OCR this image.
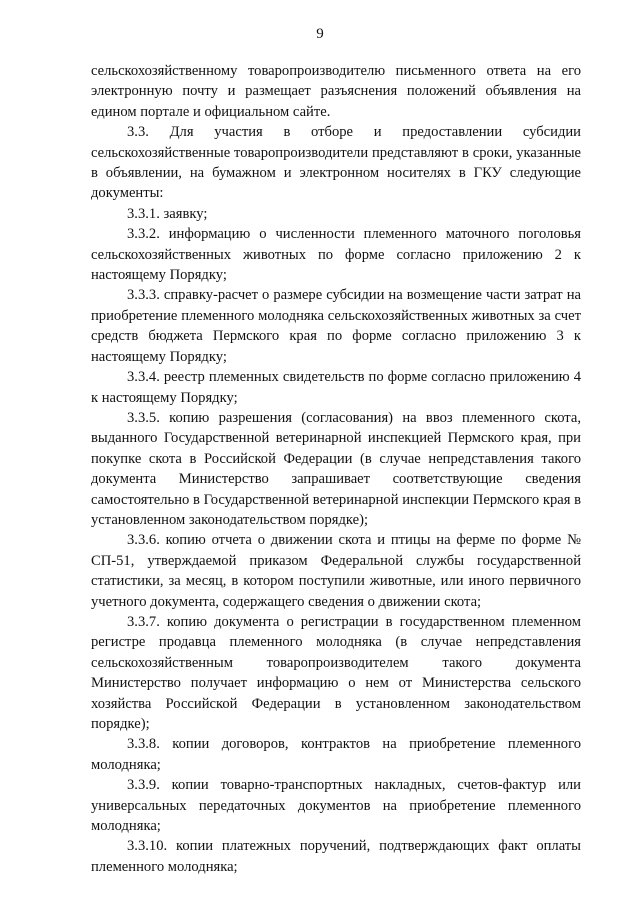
9

сельскохозяйственному товаропроизводителю письменного ответа на его электронную почту и размещает разъяснения положений объявления на едином портале и официальном сайте.

3.3. Для участия в отборе и предоставлении субсидии сельскохозяйственные товаропроизводители представляют в сроки, указанные в объявлении, на бумажном и электронном носителях в ГКУ следующие документы:

3.3.1. заявку;

3.3.2. информацию о численности племенного маточного поголовья сельскохозяйственных животных по форме согласно приложению 2 к настоящему Порядку;

3.3.3. справку-расчет о размере субсидии на возмещение части затрат на приобретение племенного молодняка сельскохозяйственных животных за счет средств бюджета Пермского края по форме согласно приложению 3 к настоящему Порядку;

3.3.4. реестр племенных свидетельств по форме согласно приложению 4 к настоящему Порядку;

3.3.5. копию разрешения (согласования) на ввоз племенного скота, выданного Государственной ветеринарной инспекцией Пермского края, при покупке скота в Российской Федерации (в случае непредставления такого документа Министерство запрашивает соответствующие сведения самостоятельно в Государственной ветеринарной инспекции Пермского края в установленном законодательством порядке);

3.3.6. копию отчета о движении скота и птицы на ферме по форме № СП-51, утверждаемой приказом Федеральной службы государственной статистики, за месяц, в котором поступили животные, или иного первичного учетного документа, содержащего сведения о движении скота;

3.3.7. копию документа о регистрации в государственном племенном регистре продавца племенного молодняка (в случае непредставления сельскохозяйственным товаропроизводителем такого документа Министерство получает информацию о нем от Министерства сельского хозяйства Российской Федерации в установленном законодательством порядке);

3.3.8. копии договоров, контрактов на приобретение племенного молодняка;

3.3.9. копии товарно-транспортных накладных, счетов-фактур или универсальных передаточных документов на приобретение племенного молодняка;

3.3.10. копии платежных поручений, подтверждающих факт оплаты племенного молодняка;
